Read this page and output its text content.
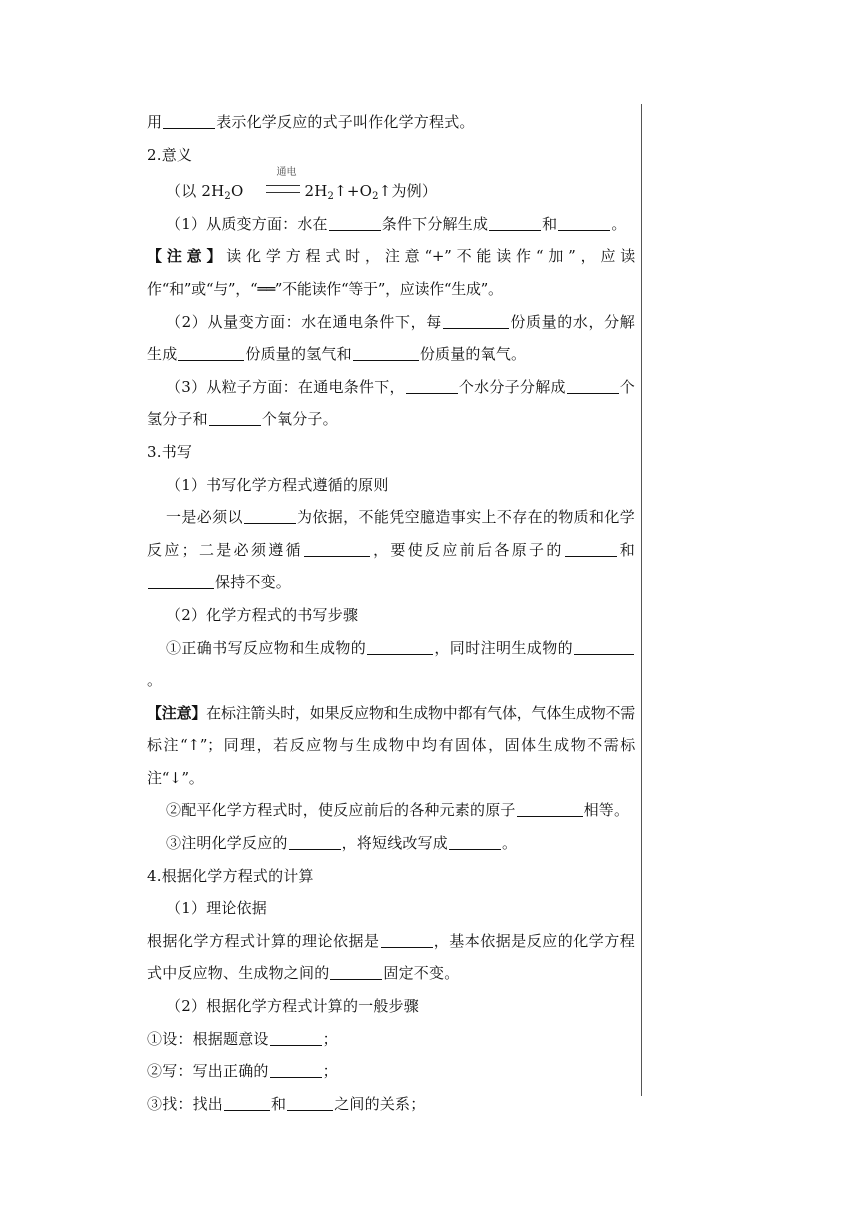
用	表示化学反应的式子叫作化学方程式。

2.意义

（以 $2H_2O$
通电
$2H_2↑+O_2↑$为例）

（1）从质变方面：水在	条件下分解生成	和	。

【注意】读化学方程式时，注意“+”不能读作“加”，应读作“和”或“与”，“══”不能读作“等于”，应读作“生成”。

（2）从量变方面：水在通电条件下，每	份质量的水，分解生成	份质量的氢气和	份质量的氧气。

（3）从粒子方面：在通电条件下，	个水分子分解成	个氢分子和	个氧分子。

3.书写

（1）书写化学方程式遵循的原则

一是必须以	为依据，不能凭空臆造事实上不存在的物质和化学反应；二是必须遵循	，要使反应前后各原子的	和保持不变。

（2）化学方程式的书写步骤

①正确书写反应物和生成物的	，同时注明生成物的。

【注意】在标注箭头时，如果反应物和生成物中都有气体，气体生成物不需标注“↑”；同理，若反应物与生成物中均有固体，固体生成物不需标注“↓”。

②配平化学方程式时，使反应前后的各种元素的原子	相等。

③注明化学反应的	，将短线改写成	。

4.根据化学方程式的计算

（1）理论依据

根据化学方程式计算的理论依据是	，基本依据是反应的化学方程式中反应物、生成物之间的	固定不变。

（2）根据化学方程式计算的一般步骤

①设：根据题意设	；

②写：写出正确的	；

③找：找出	和	之间的关系；
